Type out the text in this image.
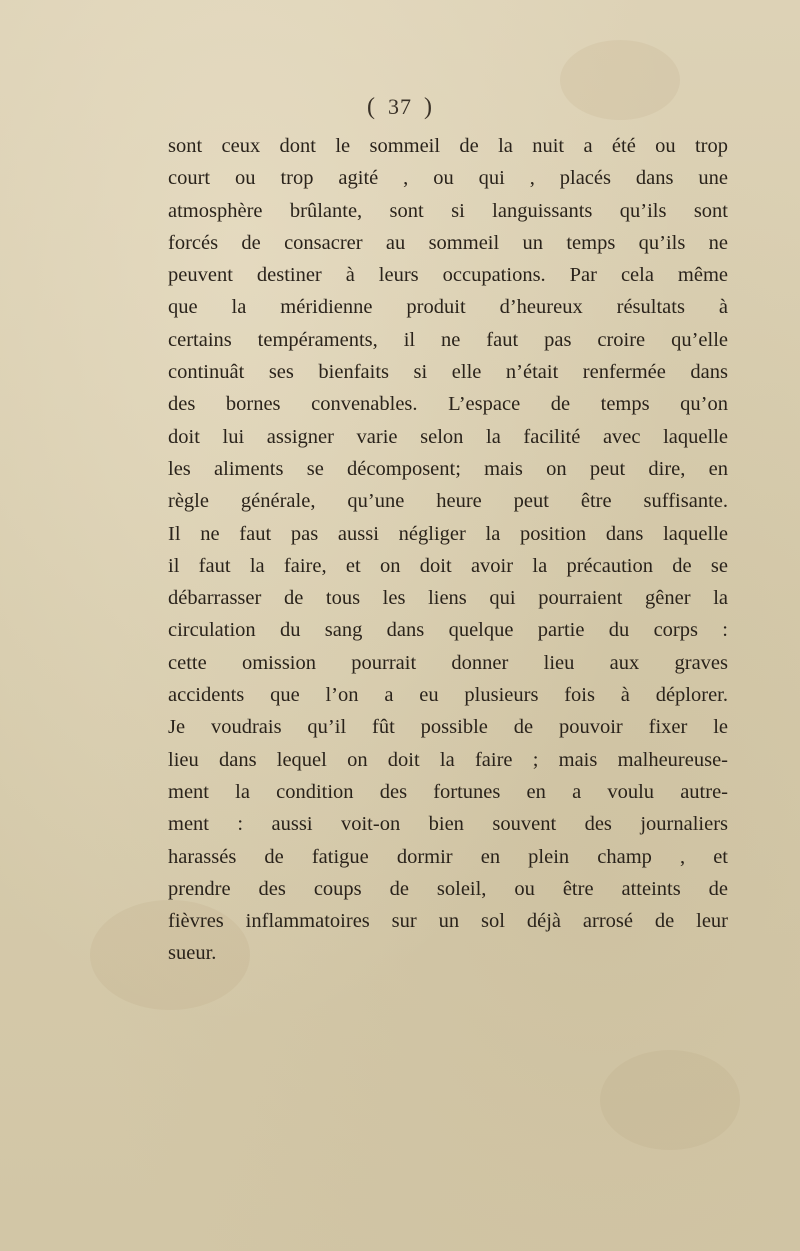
( 37 )
sont ceux dont le sommeil de la nuit a été ou trop
court ou trop agité , ou qui , placés dans une
atmosphère brûlante, sont si languissants qu’ils sont
forcés de consacrer au sommeil un temps qu’ils ne
peuvent destiner à leurs occupations. Par cela même
que la méridienne produit d’heureux résultats à
certains tempéraments, il ne faut pas croire qu’elle
continuât ses bienfaits si elle n’était renfermée dans
des bornes convenables. L’espace de temps qu’on
doit lui assigner varie selon la facilité avec laquelle
les aliments se décomposent; mais on peut dire, en
règle générale, qu’une heure peut être suffisante.
Il ne faut pas aussi négliger la position dans laquelle
il faut la faire, et on doit avoir la précaution de se
débarrasser de tous les liens qui pourraient gêner la
circulation du sang dans quelque partie du corps :
cette omission pourrait donner lieu aux graves
accidents que l’on a eu plusieurs fois à déplorer.
Je voudrais qu’il fût possible de pouvoir fixer le
lieu dans lequel on doit la faire ; mais malheureuse-
ment la condition des fortunes en a voulu autre-
ment : aussi voit-on bien souvent des journaliers
harassés de fatigue dormir en plein champ , et
prendre des coups de soleil, ou être atteints de
fièvres inflammatoires sur un sol déjà arrosé de leur
sueur.
